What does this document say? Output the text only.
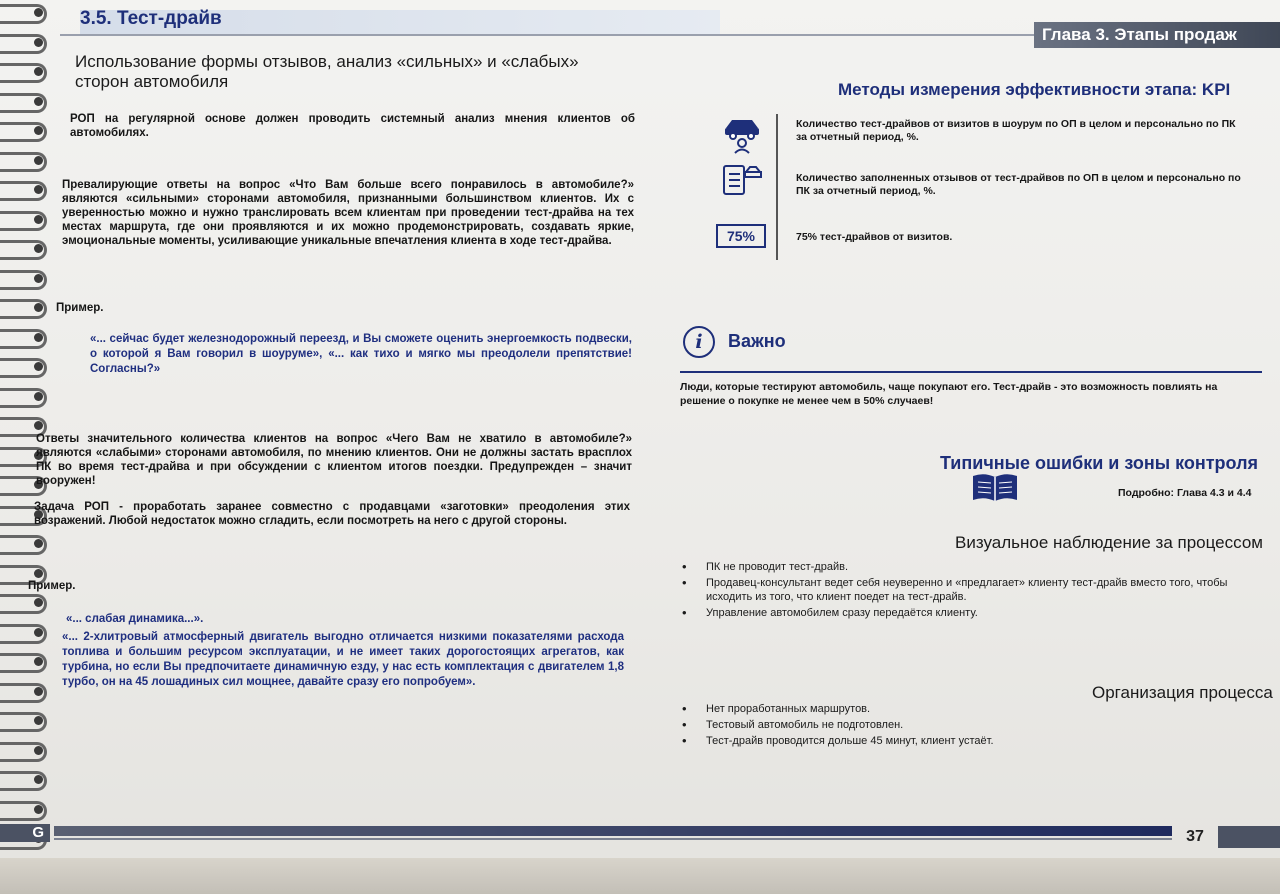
3.5. Тест-драйв
Глава 3. Этапы продаж
Использование формы отзывов, анализ «сильных» и «слабых» сторон автомобиля
РОП на регулярной основе должен проводить системный анализ мнения клиентов об автомобилях.
Превалирующие ответы на вопрос «Что Вам больше всего понравилось в автомобиле?» являются «сильными» сторонами автомобиля, признанными большинством клиентов. Их с уверенностью можно и нужно транслировать всем клиентам при проведении тест-драйва на тех местах маршрута, где они проявляются и их можно продемонстрировать, создавать яркие, эмоциональные моменты, усиливающие уникальные впечатления клиента в ходе тест-драйва.
Пример.
«... сейчас будет железнодорожный переезд, и Вы сможете оценить энергоемкость подвески, о которой я Вам говорил в шоуруме», «... как тихо и мягко мы преодолели препятствие! Согласны?»
Ответы значительного количества клиентов на вопрос «Чего Вам не хватило в автомобиле?» являются «слабыми» сторонами автомобиля, по мнению клиентов. Они не должны застать врасплох ПК во время тест-драйва и при обсуждении с клиентом итогов поездки. Предупрежден – значит вооружен!
Задача РОП - проработать заранее совместно с продавцами «заготовки» преодоления этих возражений. Любой недостаток можно сгладить, если посмотреть на него с другой стороны.
Пример.
«... слабая динамика...».
«... 2-хлитровый атмосферный двигатель выгодно отличается низкими показателями расхода топлива и большим ресурсом эксплуатации, и не имеет таких дорогостоящих агрегатов, как турбина, но если Вы предпочитаете динамичную езду, у нас есть комплектация с двигателем 1,8 турбо, он на 45 лошадиных сил мощнее, давайте сразу его попробуем».
Методы измерения эффективности этапа: KPI
Количество тест-драйвов от визитов в шоурум по ОП в целом и персонально по ПК за отчетный период, %.
Количество заполненных отзывов от тест-драйвов по ОП в целом и персонально по ПК за отчетный период, %.
75%	75% тест-драйвов от визитов.
i	Важно
Люди, которые тестируют автомобиль, чаще покупают его. Тест-драйв - это возможность повлиять на решение о покупке не менее чем в 50% случаев!
Типичные ошибки и зоны контроля
Подробно: Глава 4.3 и 4.4
Визуальное наблюдение за процессом
• ПК не проводит тест-драйв.
• Продавец-консультант ведет себя неуверенно и «предлагает» клиенту тест-драйв вместо того, чтобы исходить из того, что клиент поедет на тест-драйв.
• Управление автомобилем сразу передаётся клиенту.
Организация процесса
• Нет проработанных маршрутов.
• Тестовый автомобиль не подготовлен.
• Тест-драйв проводится дольше 45 минут, клиент устаёт.
G	37
